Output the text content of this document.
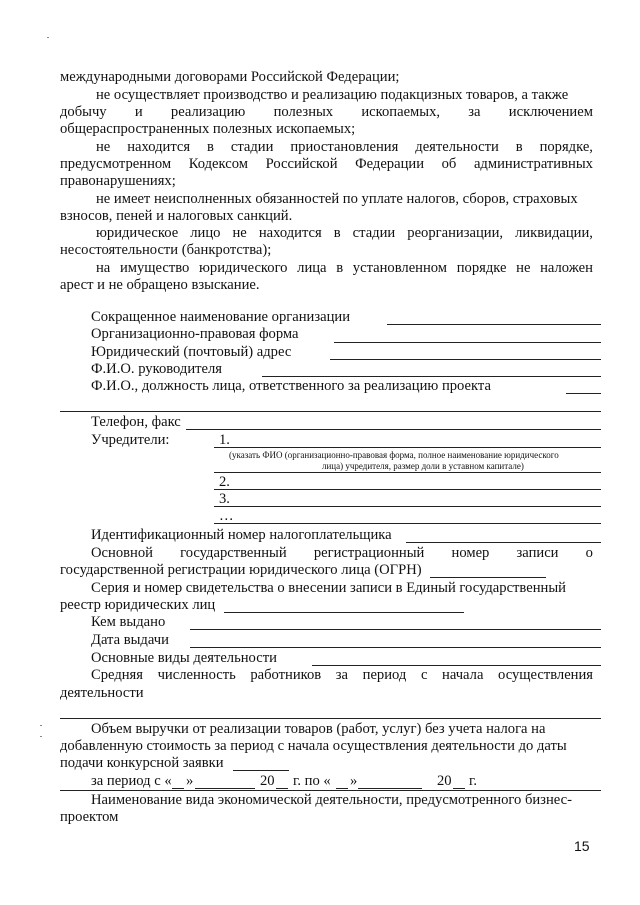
международными договорами Российской Федерации;
не осуществляет производство и реализацию подакцизных товаров, а также
добычу и реализацию полезных ископаемых, за исключением
общераспространенных полезных ископаемых;
не находится в стадии приостановления деятельности в порядке,
предусмотренном Кодексом Российской Федерации об административных
правонарушениях;
не имеет неисполненных обязанностей по уплате налогов, сборов, страховых
взносов, пеней и налоговых санкций.
юридическое лицо не находится в стадии реорганизации, ликвидации,
несостоятельности (банкротства);
на имущество юридического лица в установленном порядке не наложен
арест и не обращено взыскание.
Сокращенное наименование организации
Организационно-правовая форма
Юридический (почтовый) адрес
Ф.И.О. руководителя
Ф.И.О., должность лица, ответственного за реализацию проекта
Телефон, факс
Учредители:	1.
(указать ФИО (организационно-правовая форма, полное наименование юридического
лица) учредителя, размер доли в уставном капитале)
2.
3.
…
Идентификационный номер налогоплательщика
Основной государственный регистрационный номер записи о
государственной регистрации юридического лица (ОГРН)
Серия и номер свидетельства о внесении записи в Единый государственный
реестр юридических лиц
Кем выдано
Дата выдачи
Основные виды деятельности
Средняя численность работников за период с начала осуществления
деятельности
Объем выручки от реализации товаров (работ, услуг) без учета налога на
добавленную стоимость за период с начала осуществления деятельности до даты
подачи конкурсной заявки
за период с « »	20 г. по « »	20 г.
Наименование вида экономической деятельности, предусмотренного бизнес-
проектом
15
